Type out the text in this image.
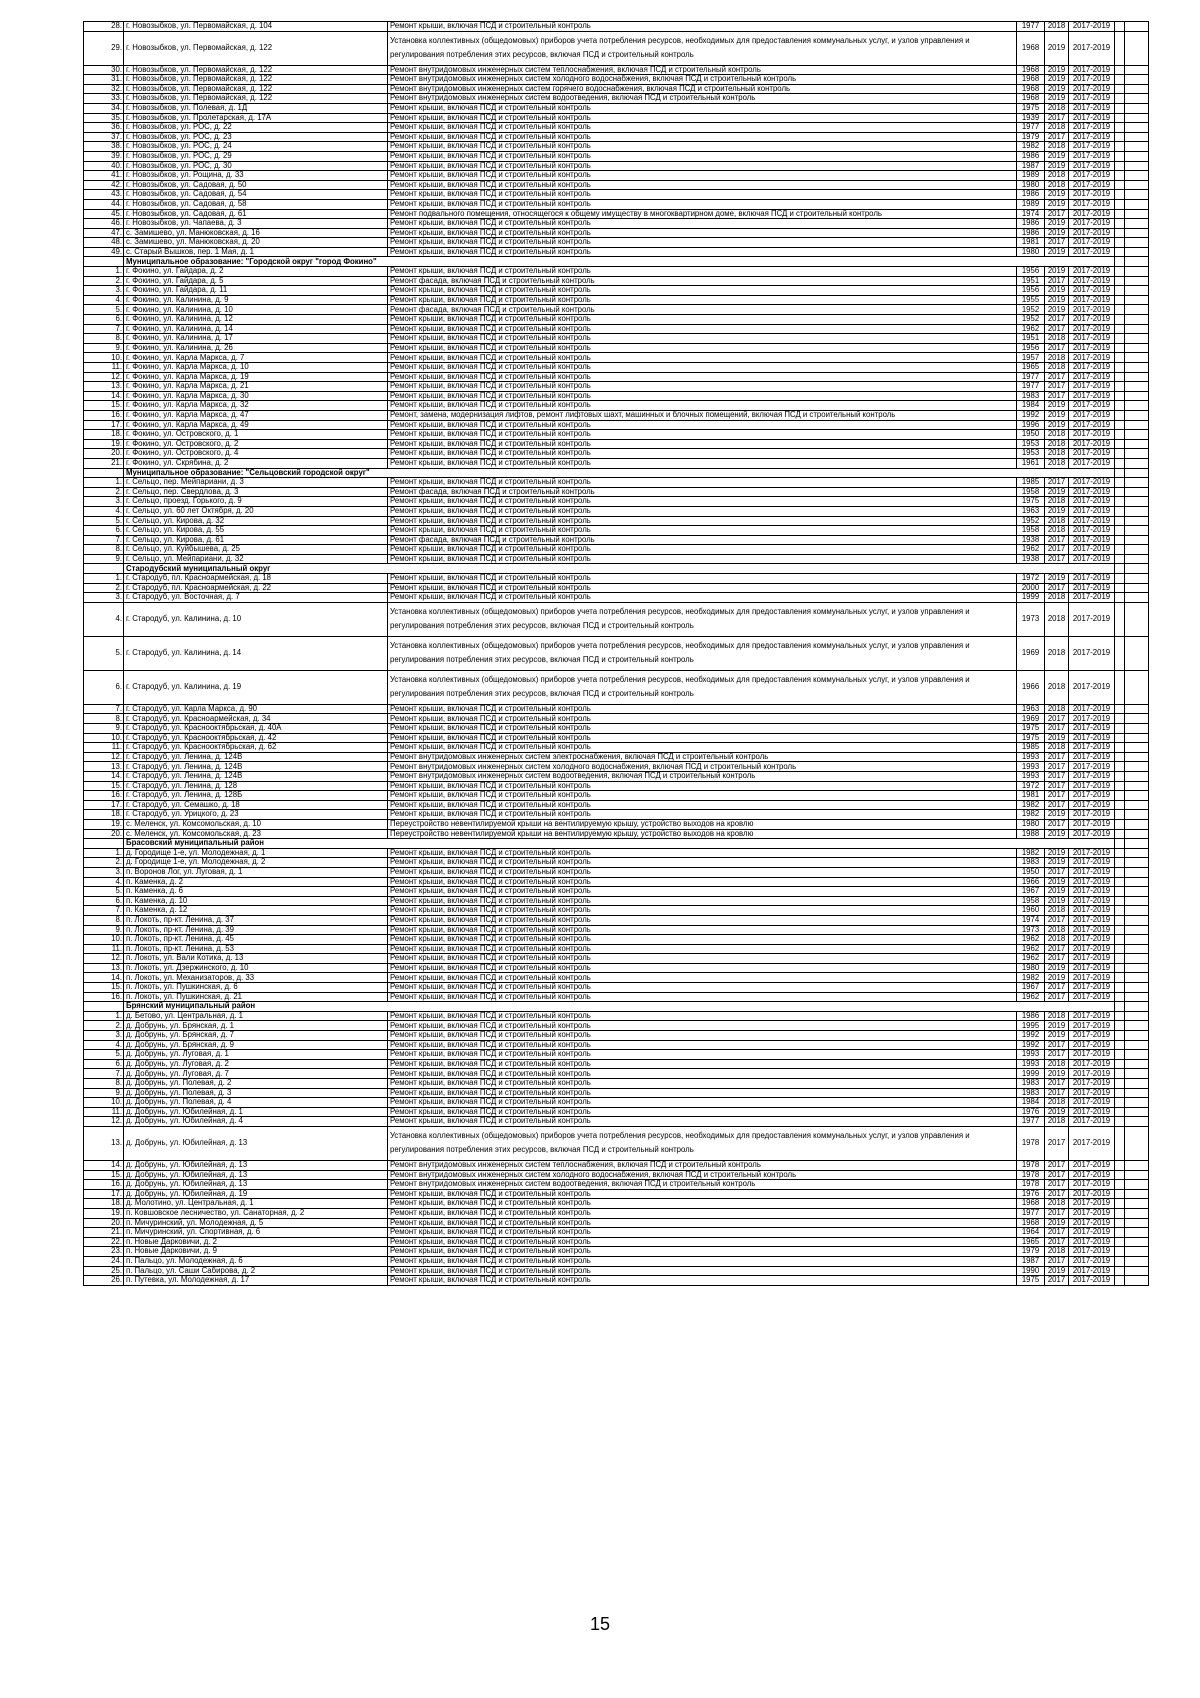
28.	г. Новозыбков, ул. Первомайская, д. 104	Ремонт крыши, включая ПСД и строительный контроль	1977	2018	2017-2019		
29.	г. Новозыбков, ул. Первомайская, д. 122	Установка коллективных (общедомовых) приборов учета потребления ресурсов, необходимых для предоставления коммунальных услуг, и узлов управления и регулирования потребления этих ресурсов, включая ПСД и строительный контроль	1968	2019	2017-2019		
30.	г. Новозыбков, ул. Первомайская, д. 122	Ремонт внутридомовых инженерных систем теплоснабжения, включая ПСД и строительный контроль	1968	2019	2017-2019		
31.	г. Новозыбков, ул. Первомайская, д. 122	Ремонт внутридомовых инженерных систем холодного водоснабжения, включая ПСД и строительный контроль	1968	2019	2017-2019		
32.	г. Новозыбков, ул. Первомайская, д. 122	Ремонт внутридомовых инженерных систем горячего водоснабжения, включая ПСД и строительный контроль	1968	2019	2017-2019		
33.	г. Новозыбков, ул. Первомайская, д. 122	Ремонт внутридомовых инженерных систем водоотведения, включая ПСД и строительный контроль	1968	2019	2017-2019		
34.	г. Новозыбков, ул. Полевая, д. 1Д	Ремонт крыши, включая ПСД и строительный контроль	1975	2018	2017-2019		
35.	г. Новозыбков, ул. Пролетарская, д. 17А	Ремонт крыши, включая ПСД и строительный контроль	1939	2017	2017-2019		
36.	г. Новозыбков, ул. РОС, д. 22	Ремонт крыши, включая ПСД и строительный контроль	1977	2018	2017-2019		
37.	г. Новозыбков, ул. РОС, д. 23	Ремонт крыши, включая ПСД и строительный контроль	1979	2017	2017-2019		
38.	г. Новозыбков, ул. РОС, д. 24	Ремонт крыши, включая ПСД и строительный контроль	1982	2018	2017-2019		
39.	г. Новозыбков, ул. РОС, д. 29	Ремонт крыши, включая ПСД и строительный контроль	1986	2019	2017-2019		
40.	г. Новозыбков, ул. РОС, д. 30	Ремонт крыши, включая ПСД и строительный контроль	1987	2019	2017-2019		
41.	г. Новозыбков, ул. Рощина, д. 33	Ремонт крыши, включая ПСД и строительный контроль	1989	2018	2017-2019		
42.	г. Новозыбков, ул. Садовая, д. 50	Ремонт крыши, включая ПСД и строительный контроль	1980	2018	2017-2019		
43.	г. Новозыбков, ул. Садовая, д. 54	Ремонт крыши, включая ПСД и строительный контроль	1986	2019	2017-2019		
44.	г. Новозыбков, ул. Садовая, д. 58	Ремонт крыши, включая ПСД и строительный контроль	1989	2019	2017-2019		
45.	г. Новозыбков, ул. Садовая, д. 61	Ремонт подвального помещения, относящегося к общему имуществу в многоквартирном доме, включая ПСД и строительный контроль	1974	2017	2017-2019		
46.	г. Новозыбков, ул. Чапаева, д. 3	Ремонт крыши, включая ПСД и строительный контроль	1986	2019	2017-2019		
47.	с. Замишево, ул. Манюковская, д. 16	Ремонт крыши, включая ПСД и строительный контроль	1986	2019	2017-2019		
48.	с. Замишево, ул. Манюковская, д. 20	Ремонт крыши, включая ПСД и строительный контроль	1981	2017	2017-2019		
49.	с. Старый Вышков, пер. 1 Мая, д. 1	Ремонт крыши, включая ПСД и строительный контроль	1980	2019	2017-2019		
	Муниципальное образование: "Городской округ "город Фокино"						
1.	г. Фокино, ул. Гайдара, д. 2	Ремонт крыши, включая ПСД и строительный контроль	1956	2019	2017-2019		
2.	г. Фокино, ул. Гайдара, д. 5	Ремонт фасада, включая ПСД и строительный контроль	1951	2017	2017-2019		
3.	г. Фокино, ул. Гайдара, д. 11	Ремонт крыши, включая ПСД и строительный контроль	1956	2019	2017-2019		
4.	г. Фокино, ул. Калинина, д. 9	Ремонт крыши, включая ПСД и строительный контроль	1955	2019	2017-2019		
5.	г. Фокино, ул. Калинина, д. 10	Ремонт фасада, включая ПСД и строительный контроль	1952	2019	2017-2019		
6.	г. Фокино, ул. Калинина, д. 12	Ремонт крыши, включая ПСД и строительный контроль	1952	2017	2017-2019		
7.	г. Фокино, ул. Калинина, д. 14	Ремонт крыши, включая ПСД и строительный контроль	1962	2017	2017-2019		
8.	г. Фокино, ул. Калинина, д. 17	Ремонт крыши, включая ПСД и строительный контроль	1951	2018	2017-2019		
9.	г. Фокино, ул. Калинина, д. 26	Ремонт крыши, включая ПСД и строительный контроль	1956	2017	2017-2019		
10.	г. Фокино, ул. Карла Маркса, д. 7	Ремонт крыши, включая ПСД и строительный контроль	1957	2018	2017-2019		
11.	г. Фокино, ул. Карла Маркса, д. 10	Ремонт крыши, включая ПСД и строительный контроль	1965	2018	2017-2019		
12.	г. Фокино, ул. Карла Маркса, д. 19	Ремонт крыши, включая ПСД и строительный контроль	1977	2017	2017-2019		
13.	г. Фокино, ул. Карла Маркса, д. 21	Ремонт крыши, включая ПСД и строительный контроль	1977	2017	2017-2019		
14.	г. Фокино, ул. Карла Маркса, д. 30	Ремонт крыши, включая ПСД и строительный контроль	1983	2017	2017-2019		
15.	г. Фокино, ул. Карла Маркса, д. 32	Ремонт крыши, включая ПСД и строительный контроль	1984	2019	2017-2019		
16.	г. Фокино, ул. Карла Маркса, д. 47	Ремонт, замена, модернизация лифтов, ремонт лифтовых шахт, машинных и блочных помещений, включая ПСД и строительный контроль	1992	2019	2017-2019		
17.	г. Фокино, ул. Карла Маркса, д. 49	Ремонт крыши, включая ПСД и строительный контроль	1996	2019	2017-2019		
18.	г. Фокино, ул. Островского, д. 1	Ремонт крыши, включая ПСД и строительный контроль	1950	2018	2017-2019		
19.	г. Фокино, ул. Островского, д. 2	Ремонт крыши, включая ПСД и строительный контроль	1953	2018	2017-2019		
20.	г. Фокино, ул. Островского, д. 4	Ремонт крыши, включая ПСД и строительный контроль	1953	2018	2017-2019		
21.	г. Фокино, ул. Скрябина, д. 2	Ремонт крыши, включая ПСД и строительный контроль	1961	2018	2017-2019		
	Муниципальное образование: "Сельцовский городской округ"						
1.	г. Сельцо, пер. Мейпариани, д. 3	Ремонт крыши, включая ПСД и строительный контроль	1985	2017	2017-2019		
2.	г. Сельцо, пер. Свердлова, д. 3	Ремонт фасада, включая ПСД и строительный контроль	1958	2019	2017-2019		
3.	г. Сельцо, проезд. Горького, д. 9	Ремонт крыши, включая ПСД и строительный контроль	1975	2018	2017-2019		
4.	г. Сельцо, ул. 60 лет Октября, д. 20	Ремонт крыши, включая ПСД и строительный контроль	1963	2019	2017-2019		
5.	г. Сельцо, ул. Кирова, д. 32	Ремонт крыши, включая ПСД и строительный контроль	1952	2018	2017-2019		
6.	г. Сельцо, ул. Кирова, д. 55	Ремонт крыши, включая ПСД и строительный контроль	1958	2018	2017-2019		
7.	г. Сельцо, ул. Кирова, д. 61	Ремонт фасада, включая ПСД и строительный контроль	1938	2017	2017-2019		
8.	г. Сельцо, ул. Куйбышева, д. 25	Ремонт крыши, включая ПСД и строительный контроль	1962	2017	2017-2019		
9.	г. Сельцо, ул. Мейпариани, д. 32	Ремонт крыши, включая ПСД и строительный контроль	1938	2017	2017-2019		
	Стародубский муниципальный округ						
1.	г. Стародуб, пл. Красноармейская, д. 18	Ремонт крыши, включая ПСД и строительный контроль	1972	2019	2017-2019		
2.	г. Стародуб, пл. Красноармейская, д. 22	Ремонт крыши, включая ПСД и строительный контроль	2000	2017	2017-2019		
3.	г. Стародуб, ул. Восточная, д. 7	Ремонт крыши, включая ПСД и строительный контроль	1999	2018	2017-2019		
4.	г. Стародуб, ул. Калинина, д. 10	Установка коллективных (общедомовых) приборов учета потребления ресурсов, необходимых для предоставления коммунальных услуг, и узлов управления и регулирования потребления этих ресурсов, включая ПСД и строительный контроль	1973	2018	2017-2019		
5.	г. Стародуб, ул. Калинина, д. 14	Установка коллективных (общедомовых) приборов учета потребления ресурсов, необходимых для предоставления коммунальных услуг, и узлов управления и регулирования потребления этих ресурсов, включая ПСД и строительный контроль	1969	2018	2017-2019		
6.	г. Стародуб, ул. Калинина, д. 19	Установка коллективных (общедомовых) приборов учета потребления ресурсов, необходимых для предоставления коммунальных услуг, и узлов управления и регулирования потребления этих ресурсов, включая ПСД и строительный контроль	1966	2018	2017-2019		
7.	г. Стародуб, ул. Карла Маркса, д. 90	Ремонт крыши, включая ПСД и строительный контроль	1963	2018	2017-2019		
8.	г. Стародуб, ул. Красноармейская, д. 34	Ремонт крыши, включая ПСД и строительный контроль	1969	2017	2017-2019		
9.	г. Стародуб, ул. Краснооктябрьская, д. 40А	Ремонт крыши, включая ПСД и строительный контроль	1975	2017	2017-2019		
10.	г. Стародуб, ул. Краснооктябрьская, д. 42	Ремонт крыши, включая ПСД и строительный контроль	1975	2019	2017-2019		
11.	г. Стародуб, ул. Краснооктябрьская, д. 62	Ремонт крыши, включая ПСД и строительный контроль	1985	2018	2017-2019		
12.	г. Стародуб, ул. Ленина, д. 124В	Ремонт внутридомовых инженерных систем электроснабжения, включая ПСД и строительный контроль	1993	2017	2017-2019		
13.	г. Стародуб, ул. Ленина, д. 124В	Ремонт внутридомовых инженерных систем холодного водоснабжения, включая ПСД и строительный контроль	1993	2017	2017-2019		
14.	г. Стародуб, ул. Ленина, д. 124В	Ремонт внутридомовых инженерных систем водоотведения, включая ПСД и строительный контроль	1993	2017	2017-2019		
15.	г. Стародуб, ул. Ленина, д. 128	Ремонт крыши, включая ПСД и строительный контроль	1972	2017	2017-2019		
16.	г. Стародуб, ул. Ленина, д. 128Б	Ремонт крыши, включая ПСД и строительный контроль	1981	2017	2017-2019		
17.	г. Стародуб, ул. Семашко, д. 18	Ремонт крыши, включая ПСД и строительный контроль	1982	2017	2017-2019		
18.	г. Стародуб, ул. Урицкого, д. 23	Ремонт крыши, включая ПСД и строительный контроль	1982	2019	2017-2019		
19.	с. Меленск, ул. Комсомольская, д. 10	Переустройство невентилируемой крыши на вентилируемую крышу, устройство выходов на кровлю	1980	2017	2017-2019		
20.	с. Меленск, ул. Комсомольская, д. 23	Переустройство невентилируемой крыши на вентилируемую крышу, устройство выходов на кровлю	1988	2019	2017-2019		
	Брасовский муниципальный район						
1.	д. Городище 1-е, ул. Молодежная, д. 1	Ремонт крыши, включая ПСД и строительный контроль	1982	2019	2017-2019		
2.	д. Городище 1-е, ул. Молодежная, д. 2	Ремонт крыши, включая ПСД и строительный контроль	1983	2019	2017-2019		
3.	п. Воронов Лог, ул. Луговая, д. 1	Ремонт крыши, включая ПСД и строительный контроль	1950	2017	2017-2019		
4.	п. Каменка, д. 2	Ремонт крыши, включая ПСД и строительный контроль	1966	2019	2017-2019		
5.	п. Каменка, д. 6	Ремонт крыши, включая ПСД и строительный контроль	1967	2019	2017-2019		
6.	п. Каменка, д. 10	Ремонт крыши, включая ПСД и строительный контроль	1958	2019	2017-2019		
7.	п. Каменка, д. 12	Ремонт крыши, включая ПСД и строительный контроль	1960	2018	2017-2019		
8.	п. Локоть, пр-кт. Ленина, д. 37	Ремонт крыши, включая ПСД и строительный контроль	1974	2017	2017-2019		
9.	п. Локоть, пр-кт. Ленина, д. 39	Ремонт крыши, включая ПСД и строительный контроль	1973	2018	2017-2019		
10.	п. Локоть, пр-кт. Ленина, д. 45	Ремонт крыши, включая ПСД и строительный контроль	1962	2018	2017-2019		
11.	п. Локоть, пр-кт. Ленина, д. 53	Ремонт крыши, включая ПСД и строительный контроль	1962	2017	2017-2019		
12.	п. Локоть, ул. Вали Котика, д. 13	Ремонт крыши, включая ПСД и строительный контроль	1962	2017	2017-2019		
13.	п. Локоть, ул. Дзержинского, д. 10	Ремонт крыши, включая ПСД и строительный контроль	1980	2019	2017-2019		
14.	п. Локоть, ул. Механизаторов, д. 33	Ремонт крыши, включая ПСД и строительный контроль	1982	2019	2017-2019		
15.	п. Локоть, ул. Пушкинская, д. 6	Ремонт крыши, включая ПСД и строительный контроль	1967	2017	2017-2019		
16.	п. Локоть, ул. Пушкинская, д. 21	Ремонт крыши, включая ПСД и строительный контроль	1962	2017	2017-2019		
	Брянский муниципальный район						
1.	д. Бетово, ул. Центральная, д. 1	Ремонт крыши, включая ПСД и строительный контроль	1986	2018	2017-2019		
2.	д. Добрунь, ул. Брянская, д. 1	Ремонт крыши, включая ПСД и строительный контроль	1995	2019	2017-2019		
3.	д. Добрунь, ул. Брянская, д. 7	Ремонт крыши, включая ПСД и строительный контроль	1992	2019	2017-2019		
4.	д. Добрунь, ул. Брянская, д. 9	Ремонт крыши, включая ПСД и строительный контроль	1992	2017	2017-2019		
5.	д. Добрунь, ул. Луговая, д. 1	Ремонт крыши, включая ПСД и строительный контроль	1993	2017	2017-2019		
6.	д. Добрунь, ул. Луговая, д. 2	Ремонт крыши, включая ПСД и строительный контроль	1993	2018	2017-2019		
7.	д. Добрунь, ул. Луговая, д. 7	Ремонт крыши, включая ПСД и строительный контроль	1999	2019	2017-2019		
8.	д. Добрунь, ул. Полевая, д. 2	Ремонт крыши, включая ПСД и строительный контроль	1983	2017	2017-2019		
9.	д. Добрунь, ул. Полевая, д. 3	Ремонт крыши, включая ПСД и строительный контроль	1983	2017	2017-2019		
10.	д. Добрунь, ул. Полевая, д. 4	Ремонт крыши, включая ПСД и строительный контроль	1984	2018	2017-2019		
11.	д. Добрунь, ул. Юбилейная, д. 1	Ремонт крыши, включая ПСД и строительный контроль	1976	2019	2017-2019		
12.	д. Добрунь, ул. Юбилейная, д. 4	Ремонт крыши, включая ПСД и строительный контроль	1977	2018	2017-2019		
13.	д. Добрунь, ул. Юбилейная, д. 13	Установка коллективных (общедомовых) приборов учета потребления ресурсов, необходимых для предоставления коммунальных услуг, и узлов управления и регулирования потребления этих ресурсов, включая ПСД и строительный контроль	1978	2017	2017-2019		
14.	д. Добрунь, ул. Юбилейная, д. 13	Ремонт внутридомовых инженерных систем теплоснабжения, включая ПСД и строительный контроль	1978	2017	2017-2019		
15.	д. Добрунь, ул. Юбилейная, д. 13	Ремонт внутридомовых инженерных систем холодного водоснабжения, включая ПСД и строительный контроль	1978	2017	2017-2019		
16.	д. Добрунь, ул. Юбилейная, д. 13	Ремонт внутридомовых инженерных систем водоотведения, включая ПСД и строительный контроль	1978	2017	2017-2019		
17.	д. Добрунь, ул. Юбилейная, д. 19	Ремонт крыши, включая ПСД и строительный контроль	1976	2017	2017-2019		
18.	д. Молотино, ул. Центральная, д. 1	Ремонт крыши, включая ПСД и строительный контроль	1968	2018	2017-2019		
19.	п. Ковшовское лесничество, ул. Санаторная, д. 2	Ремонт крыши, включая ПСД и строительный контроль	1977	2017	2017-2019		
20.	п. Мичуринский, ул. Молодежная, д. 5	Ремонт крыши, включая ПСД и строительный контроль	1968	2019	2017-2019		
21.	п. Мичуринский, ул. Спортивная, д. 6	Ремонт крыши, включая ПСД и строительный контроль	1964	2017	2017-2019		
22.	п. Новые Дарковичи, д. 2	Ремонт крыши, включая ПСД и строительный контроль	1965	2017	2017-2019		
23.	п. Новые Дарковичи, д. 9	Ремонт крыши, включая ПСД и строительный контроль	1979	2018	2017-2019		
24.	п. Пальцо, ул. Молодежная, д. 6	Ремонт крыши, включая ПСД и строительный контроль	1987	2017	2017-2019		
25.	п. Пальцо, ул. Саши Сабирова, д. 2	Ремонт крыши, включая ПСД и строительный контроль	1990	2019	2017-2019		
26.	п. Путевка, ул. Молодежная, д. 17	Ремонт крыши, включая ПСД и строительный контроль	1975	2017	2017-2019		
15
